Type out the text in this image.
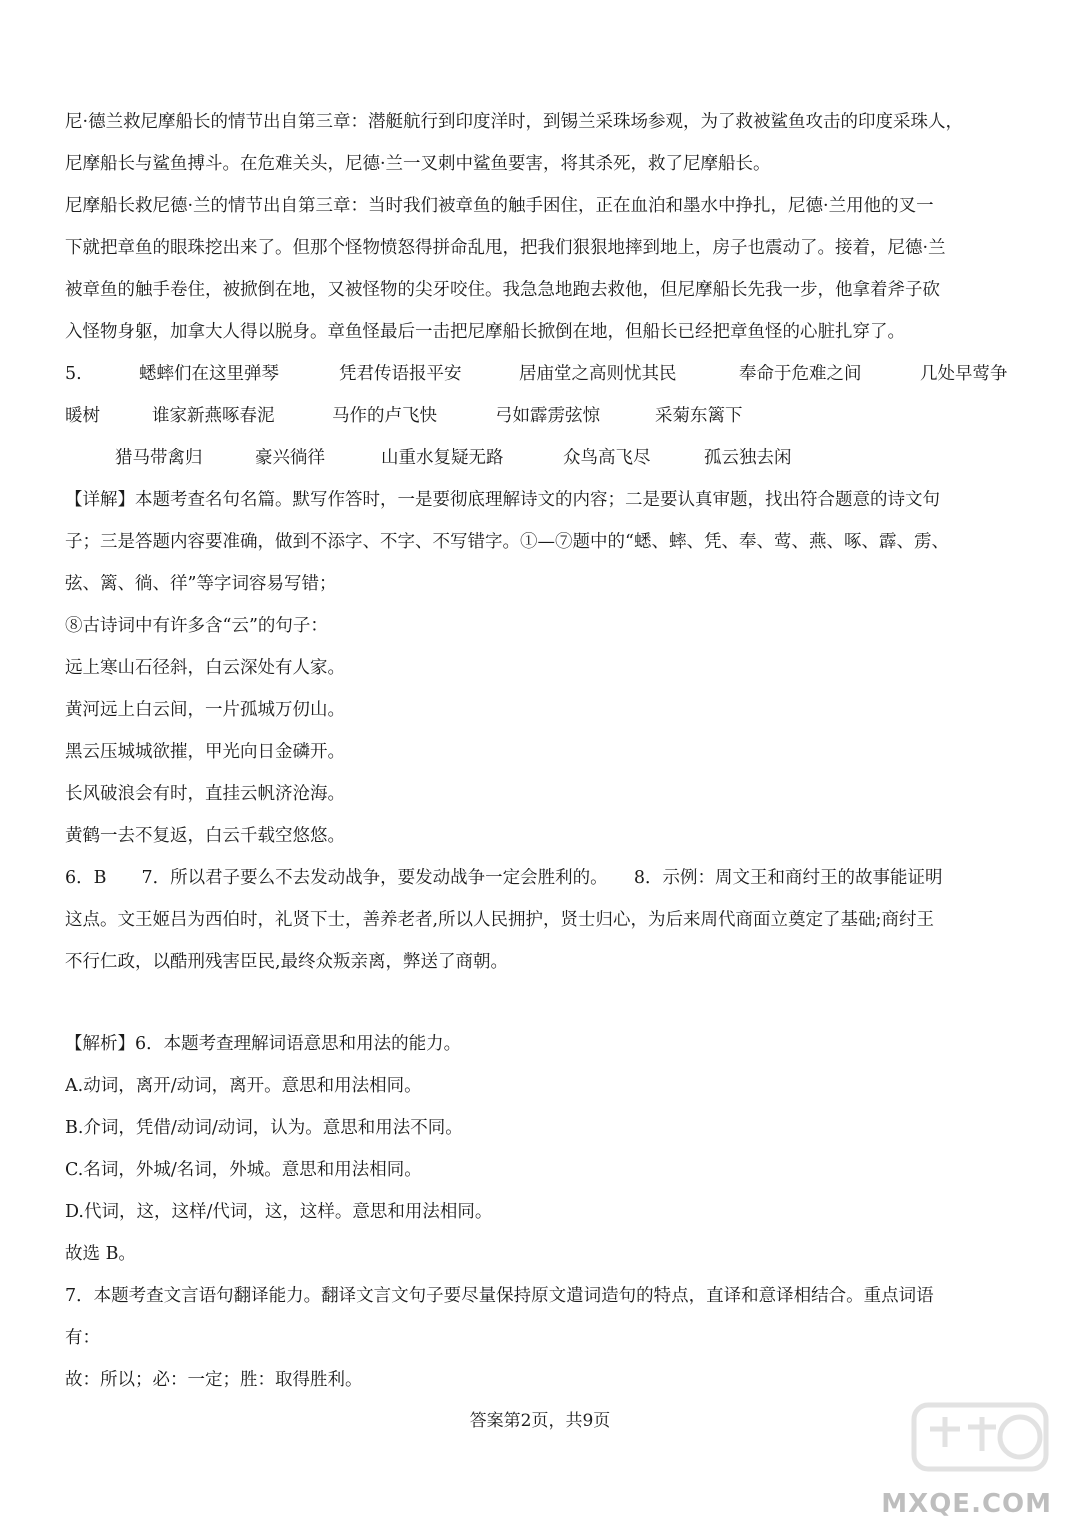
尼·德兰救尼摩船长的情节出自第三章：潜艇航行到印度洋时，到锡兰采珠场参观，为了救被鲨鱼攻击的印度采珠人，
尼摩船长与鲨鱼搏斗。在危难关头，尼德·兰一叉刺中鲨鱼要害，将其杀死，救了尼摩船长。
尼摩船长救尼德·兰的情节出自第三章：当时我们被章鱼的触手困住，正在血泊和墨水中挣扎，尼德·兰用他的叉一
下就把章鱼的眼珠挖出来了。但那个怪物愤怒得拼命乱甩，把我们狠狠地摔到地上，房子也震动了。接着，尼德·兰
被章鱼的触手卷住，被掀倒在地，又被怪物的尖牙咬住。我急急地跑去救他，但尼摩船长先我一步，他拿着斧子砍
入怪物身躯，加拿大人得以脱身。章鱼怪最后一击把尼摩船长掀倒在地，但船长已经把章鱼怪的心脏扎穿了。
5.	蟋蟀们在这里弹琴	凭君传语报平安	居庙堂之高则忧其民	奉命于危难之间	几处早莺争
暖树	谁家新燕啄春泥	马作的卢飞快	弓如霹雳弦惊	采菊东篱下
猎马带禽归	豪兴徜徉	山重水复疑无路	众鸟高飞尽	孤云独去闲
【详解】本题考查名句名篇。默写作答时，一是要彻底理解诗文的内容；二是要认真审题，找出符合题意的诗文句
子；三是答题内容要准确，做到不添字、不字、不写错字。①—⑦题中的“蟋、蟀、凭、奉、莺、燕、啄、霹、雳、
弦、篱、徜、徉”等字词容易写错；
⑧古诗词中有许多含“云”的句子：
远上寒山石径斜，白云深处有人家。
黄河远上白云间，一片孤城万仞山。
黑云压城城欲摧，甲光向日金磷开。
长风破浪会有时，直挂云帆济沧海。
黄鹤一去不复返，白云千载空悠悠。
6．B　　7．所以君子要么不去发动战争，要发动战争一定会胜利的。　　8．示例：周文王和商纣王的故事能证明
这点。文王姬吕为西伯时，礼贤下士，善养老者,所以人民拥护，贤士归心，为后来周代商面立奠定了基础;商纣王
不行仁政，以酷刑残害臣民,最终众叛亲离，弊送了商朝。
【解析】6．本题考查理解词语意思和用法的能力。
A.动词，离开/动词，离开。意思和用法相同。
B.介词，凭借/动词/动词，认为。意思和用法不同。
C.名词，外城/名词，外城。意思和用法相同。
D.代词，这，这样/代词，这，这样。意思和用法相同。
故选 B。
7．本题考查文言语句翻译能力。翻译文言文句子要尽量保持原文遣词造句的特点，直译和意译相结合。重点词语
有：
故：所以；必：一定；胜：取得胜利。
答案第2页，共9页
MXQE.COM
